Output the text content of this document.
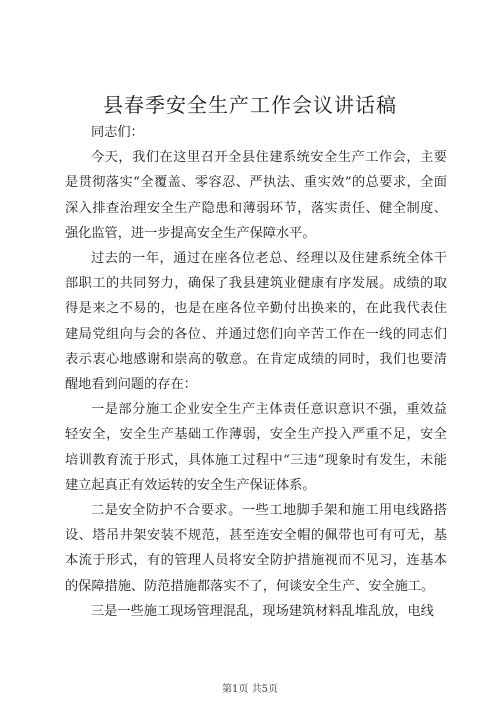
县春季安全生产工作会议讲话稿

同志们：

今天，我们在这里召开全县住建系统安全生产工作会，主要是贯彻落实“全覆盖、零容忍、严执法、重实效”的总要求，全面深入排查治理安全生产隐患和薄弱环节，落实责任、健全制度、强化监管，进一步提高安全生产保障水平。

过去的一年，通过在座各位老总、经理以及住建系统全体干部职工的共同努力，确保了我县建筑业健康有序发展。成绩的取得是来之不易的，也是在座各位辛勤付出换来的，在此我代表住建局党组向与会的各位、并通过您们向辛苦工作在一线的同志们表示衷心地感谢和崇高的敬意。在肯定成绩的同时，我们也要清醒地看到问题的存在：

一是部分施工企业安全生产主体责任意识意识不强，重效益轻安全，安全生产基础工作薄弱，安全生产投入严重不足，安全培训教育流于形式，具体施工过程中“三违”现象时有发生，未能建立起真正有效运转的安全生产保证体系。

二是安全防护不合要求。一些工地脚手架和施工用电线路搭设、塔吊井架安装不规范，甚至连安全帽的佩带也可有可无，基本流于形式，有的管理人员将安全防护措施视而不见习，连基本的保障措施、防范措施都落实不了，何谈安全生产、安全施工。

三是一些施工现场管理混乱，现场建筑材料乱堆乱放，电线

第1页 共5页
